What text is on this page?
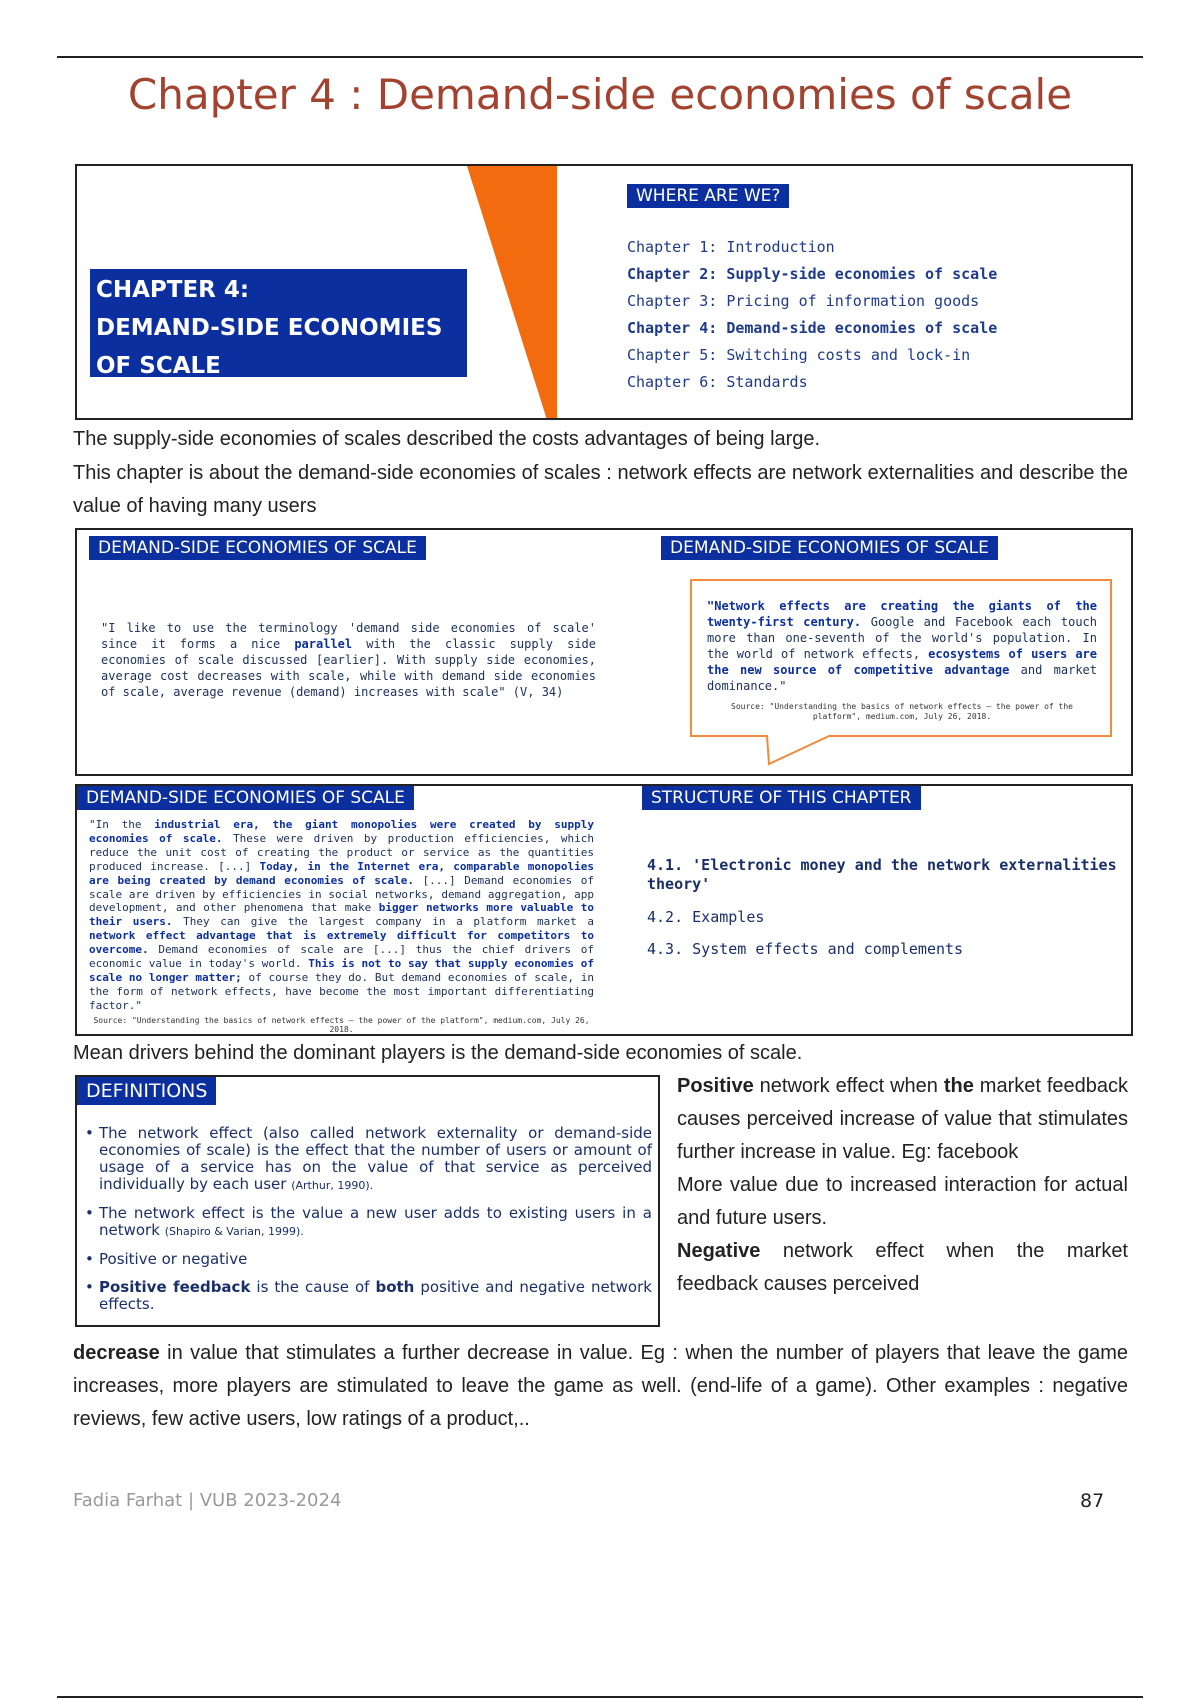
Chapter 4 : Demand-side economies of scale
CHAPTER 4:
DEMAND-SIDE ECONOMIES
OF SCALE
WHERE ARE WE?
Chapter 1: Introduction
Chapter 2: Supply-side economies of scale
Chapter 3: Pricing of information goods
Chapter 4: Demand-side economies of scale
Chapter 5: Switching costs and lock-in
Chapter 6: Standards
The supply-side economies of scales described the costs advantages of being large.
This chapter is about the demand-side economies of scales : network effects are network externalities and describe the value of having many users
DEMAND-SIDE ECONOMIES OF SCALE
"I like to use the terminology 'demand side economies of scale' since it forms a nice parallel with the classic supply side economies of scale discussed [earlier]. With supply side economies, average cost decreases with scale, while with demand side economies of scale, average revenue (demand) increases with scale" (V, 34)
DEMAND-SIDE ECONOMIES OF SCALE
"Network effects are creating the giants of the twenty-first century. Google and Facebook each touch more than one-seventh of the world's population. In the world of network effects, ecosystems of users are the new source of competitive advantage and market dominance."
Source: "Understanding the basics of network effects – the power of the platform", medium.com, July 26, 2018.
DEMAND-SIDE ECONOMIES OF SCALE
"In the industrial era, the giant monopolies were created by supply economies of scale. These were driven by production efficiencies, which reduce the unit cost of creating the product or service as the quantities produced increase. [...] Today, in the Internet era, comparable monopolies are being created by demand economies of scale. [...] Demand economies of scale are driven by efficiencies in social networks, demand aggregation, app development, and other phenomena that make bigger networks more valuable to their users. They can give the largest company in a platform market a network effect advantage that is extremely difficult for competitors to overcome. Demand economies of scale are [...] thus the chief drivers of economic value in today's world. This is not to say that supply economies of scale no longer matter; of course they do. But demand economies of scale, in the form of network effects, have become the most important differentiating factor."
Source: "Understanding the basics of network effects – the power of the platform", medium.com, July 26, 2018.
STRUCTURE OF THIS CHAPTER
4.1. 'Electronic money and the network externalities theory'
4.2. Examples
4.3. System effects and complements
Mean drivers behind the dominant players is the demand-side economies of scale.
DEFINITIONS
• The network effect (also called network externality or demand-side economies of scale) is the effect that the number of users or amount of usage of a service has on the value of that service as perceived individually by each user (Arthur, 1990).
• The network effect is the value a new user adds to existing users in a network (Shapiro & Varian, 1999).
• Positive or negative
• Positive feedback is the cause of both positive and negative network effects.
Positive network effect when the market feedback causes perceived increase of value that stimulates further increase in value. Eg: facebook
More value due to increased interaction for actual and future users.
Negative network effect when the market feedback causes perceived
decrease in value that stimulates a further decrease in value. Eg : when the number of players that leave the game increases, more players are stimulated to leave the game as well. (end-life of a game). Other examples : negative reviews, few active users, low ratings of a product,..
Fadia Farhat | VUB 2023-2024	87
